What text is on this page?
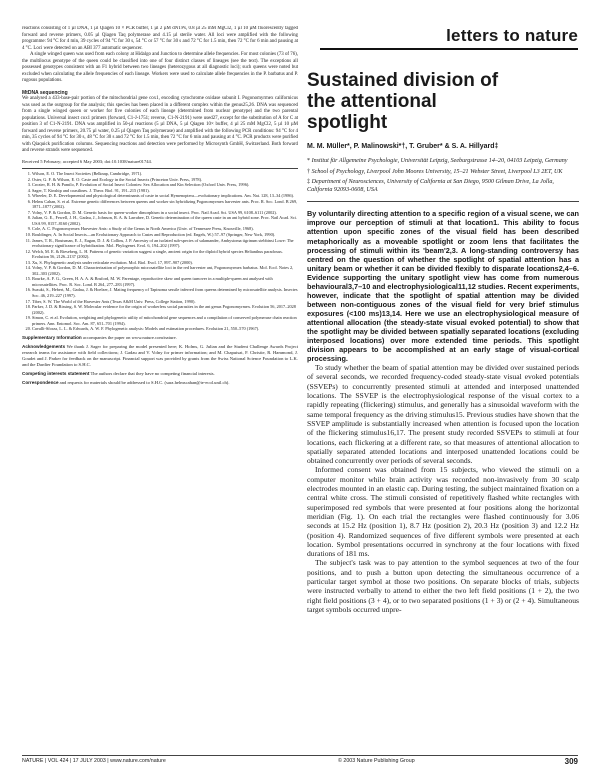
letters to nature

reactions consisting of 1 µl DNA, 1 µl Qiagen 10 × PCR buffer, 1 µl 2 µM dNTPs, 0.8 µl 25 mM MgCl2, 1 µl 10 µM fluorescently tagged forward and reverse primers, 0.05 µl Qiagen Taq polymerase and 4.15 µl sterile water. All loci were amplified with the following programme: 94 °C for 4 min, 39 cycles of 94 °C for 30 s, 54 °C or 57 °C for 30 s and 72 °C for 1.5 min, then 72 °C for 6 min and pausing at 4 °C. Loci were detected on an ABI 377 automatic sequencer.

A single winged queen was used from each colony at Hidalgo and Junction to determine allele frequencies. For most colonies (73 of 76), the multilocus genotype of the queen could be classified into one of four distinct classes of lineages (see the text). The exceptions all possessed genotypes consistent with an F1 hybrid between two lineages (heterozygous at all diagnostic loci); such queens were noted but excluded when calculating the allele frequencies of each lineage. Workers were used to calculate allele frequencies in the P. barbatus and P. rugosus populations.

MtDNA sequencing

We analysed a 433-base-pair portion of the mitochondrial gene cox1, encoding cytochrome oxidase subunit I. Pogonomyrmex californicus was used as the outgroup for the analysis; this species has been placed in a different complex within the genus25,26. DNA was sequenced from a single winged queen or worker for five colonies of each lineage (determined from nuclear genotype) and the two parental populations. Universal insect cox1 primers (forward, C1-J-1751; reverse, C1-N-2191) were used27, except for the substitution of A for C at position 3 of C1-N-2191. DNA was amplified in 50-µl reactions (5 µl DNA, 5 µl Qiagen 10× buffer, 4 µl 25 mM MgCl2, 5 µl 10 µM forward and reverse primers, 20.75 µl water, 0.25 µl Qiagen Taq polymerase) and amplified with the following PCR conditions: 94 °C for 4 min, 35 cycles of 94 °C for 30 s, 48 °C for 30 s and 72 °C for 1.5 min, then 72 °C for 6 min and pausing at 4 °C. PCR products were purified with Qiaquick purification columns. Sequencing reactions and detection were performed by Microsynth GmbH, Switzerland. Both forward and reverse strands were sequenced.

Received 5 February; accepted 6 May 2003; doi:10.1038/nature01744.
1. Wilson, E. O. The Insect Societies (Belknap, Cambridge, 1971).
2. Oster, G. F. & Wilson, E. O. Caste and Ecology in the Social Insects (Princeton Univ. Press, 1978).
3. Crozier, R. H. & Pamilo, P. Evolution of Social Insect Colonies: Sex Allocation and Kin Selection (Oxford Univ. Press, 1996).
4. Sager, T. Kinship and coastlines. J. Theor. Biol. 91, 191–215 (1981).
5. Wheeler, D. E. Developmental and physiological determinants of caste in social Hymenoptera—evolutionary implications. Am. Nat. 128, 13–34 (1986).
6. Helms Cahan, S. et al. Extreme genetic differences between queens and worker sin hybridizing Pogonomyrmex harvester ants. Proc. R. Soc. Lond. B 269, 1871–1877 (2002).
7. Volny, V. P. & Gordon, D. M. Genetic basis for queen-worker dimorphism in a social insect. Proc. Natl Acad. Sci. USA 99, 6108–6111 (2002).
8. Julian, G. E., Fewell, J. H., Gadau, J., Johnson, R. A. & Larrabee, D. Genetic determination of the queen caste in an ant hybrid zone. Proc. Natl Acad. Sci. USA 99, 8157–8160 (2002).
9. Cole, A. C. Pogonomyrmex Harvester Ants: a Study of the Genus in North America (Univ. of Tennessee Press, Knoxville, 1968).
10. Bouldinger, A. In Social Insects—an Evolutionary Approach to Castes and Reproduction (ed. Engels, W.) 57–97 (Springer, New York, 1990).
11. James, T. R., Boutsman, E. J., Eagan, D. J. & Collins, J. P. Ancestry of an isolated sub-species of salamander, Ambystoma tigrinum stebbinsi Lowe: The evolutionary significance of hybridization. Mol. Phylogenet. Evol. 6, 194–202 (1997).
12. Welch, M. E. & Rieseberg, L. H. Patterns of genetic variation suggest a single, ancient origin for the diploid hybrid species Helianthus paradoxus. Evolution 56, 2126–2137 (2002).
13. Xu, S. Phylogenetic analysis under reticulate evolution. Mol. Biol. Evol. 17, 897–907 (2000).
14. Volny, V. P. & Gordon, D. M. Characterization of polymorphic microsatellite loci in the red harvester ant, Pogonomyrmex barbatus. Mol. Ecol. Notes 2, 302–303 (2002).
15. Bourke, A. F. G., Green, H. A. A. & Bruford, M. W. Parentage, reproductive skew and queen turnover in a multiple-queen ant analysed with microsatellites. Proc. R. Soc. Lond. B 264, 277–283 (1997).
16. Suzuki, S., Hebert, M., Gadau, J. & Hoelzer, J. Mating frequency of Tapinoma sessile inferred from queens determined by microsatellite analysis. Insectes Soc. 46, 219–227 (1997).
17. Tiber, S. W. The World of the Harvester Ants (Texas A&M Univ. Press, College Station, 1990).
18. Parker, J. D. & Rissing, S. W. Molecular evidence for the origin of workerless social parasites in the ant genus Pogonomyrmex. Evolution 56, 2017–2028 (2002).
19. Simon, C. et al. Evolution, weighting and phylogenetic utility of mitochondrial gene sequences and a compilation of conserved polymerase chain reaction primers. Ann. Entomol. Soc. Am. 87, 651–701 (1994).
20. Cavalli-Sforza, L. L. & Edwards, A. W. F. Phylogenetic analysis: Models and estimation procedures. Evolution 21, 550–570 (1967).
Supplementary Information accompanies the paper on www.nature.com/nature.
Acknowledgements We thank J. Sager for preparing the model presented here; K. Holms, G. Julian and the Student Challenge Awards Project research teams for assistance with field collections; J. Gadau and V. Volny for primer information; and M. Chapuisat, F. Christie, R. Hammond, J. Goudet and J. Parker for feedback on the manuscript. Financial support was provided by grants from the Swiss National Science Foundation to L.K. and the Dardier Foundation to S.H.C.
Competing interests statement The authors declare that they have no competing financial interests.
Correspondence and requests for materials should be addressed to S.H.C. (sara.helmscahan@ie-ecol.unil.ch).
Sustained division of the attentional spotlight
M. M. Müller*, P. Malinowski*†, T. Gruber* & S. A. Hillyard‡

* Institut für Allgemeine Psychologie, Universität Leipzig, Seeburgstrasse 14–20, 04103 Leipzig, Germany

† School of Psychology, Liverpool John Moores University, 15–21 Webster Street, Liverpool L3 2ET, UK

‡ Department of Neurosciences, University of California at San Diego, 9500 Gilman Drive, La Jolla, California 92093-0608, USA

By voluntarily directing attention to a specific region of a visual scene, we can improve our perception of stimuli at that location1. This ability to focus attention upon specific zones of the visual field has been described metaphorically as a moveable spotlight or zoom lens that facilitates the processing of stimuli within its 'beam'2,3. A long-standing controversy has centred on the question of whether the spotlight of spatial attention has a unitary beam or whether it can be divided flexibly to disparate locations2,4–6. Evidence supporting the unitary spotlight view has come from numerous behavioural3,7–10 and electrophysiological11,12 studies. Recent experiments, however, indicate that the spotlight of spatial attention may be divided between non-contiguous zones of the visual field for very brief stimulus exposures (<100 ms)13,14. Here we use an electrophysiological measure of attentional allocation (the steady-state visual evoked potential) to show that the spotlight may be divided between spatially separated locations (excluding interposed locations) over more extended time periods. This spotlight division appears to be accomplished at an early stage of visual-cortical processing.

To study whether the beam of spatial attention may be divided over sustained periods of several seconds, we recorded frequency-coded steady-state visual evoked potentials (SSVEPs) to concurrently presented stimuli at attended and interposed unattended locations. The SSVEP is the electrophysiological response of the visual cortex to a rapidly repeating (flickering) stimulus, and generally has a sinusoidal waveform with the same temporal frequency as the driving stimulus15. Previous studies have shown that the SSVEP amplitude is substantially increased when attention is focused upon the location of the flickering stimulus16,17. The present study recorded SSVEPs to stimuli at four locations, each flickering at a different rate, so that measures of attentional allocation to spatially separated attended locations and interposed unattended locations could be obtained concurrently over periods of several seconds.

Informed consent was obtained from 15 subjects, who viewed the stimuli on a computer monitor while brain activity was recorded non-invasively from 30 scalp electrodes mounted in an elastic cap. During testing, the subject maintained fixation on a central white cross. The stimuli consisted of repetitively flashed white rectangles with superimposed red symbols that were presented at four positions along the horizontal meridian (Fig. 1). On each trial the rectangles were flashed continuously for 3.06 seconds at 15.2 Hz (position 1), 8.7 Hz (position 2), 20.3 Hz (position 3) and 12.2 Hz (position 4). Randomized sequences of five different symbols were presented at each location. Symbol presentations occurred in synchrony at the four locations with fixed durations of 181 ms.

The subject's task was to pay attention to the symbol sequences at two of the four positions, and to push a button upon detecting the simultaneous occurrence of a particular target symbol at those two positions. On separate blocks of trials, subjects were instructed verbally to attend to either the two left field positions (1 + 2), the two right field positions (3 + 4), or to two separated positions (1 + 3) or (2 + 4). Simultaneous target symbols occurred unpre-

NATURE | VOL 424 | 17 JULY 2003 | www.nature.com/nature	© 2003 Nature Publishing Group	309
